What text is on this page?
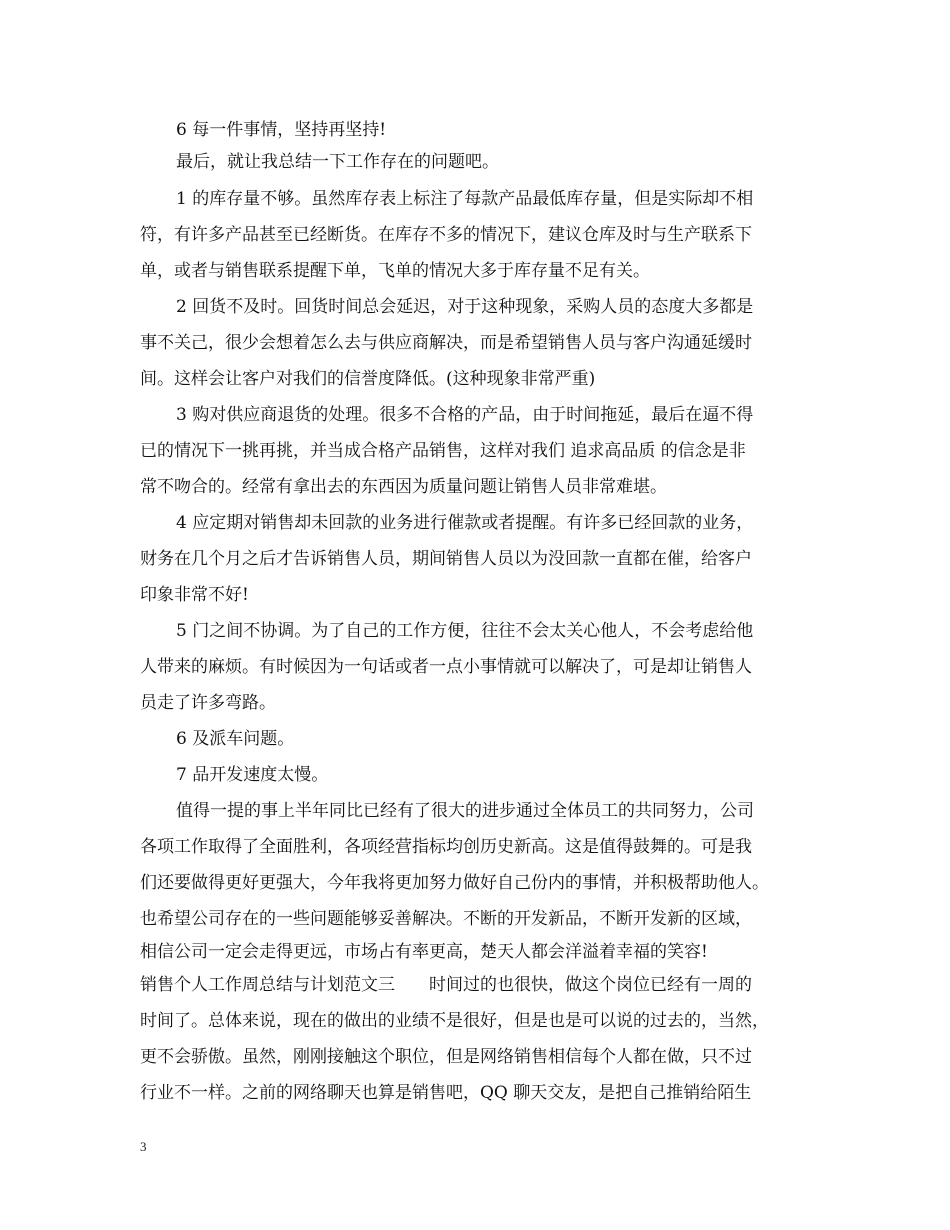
6 每一件事情，坚持再坚持!
最后，就让我总结一下工作存在的问题吧。
1 的库存量不够。虽然库存表上标注了每款产品最低库存量，但是实际却不相
符，有许多产品甚至已经断货。在库存不多的情况下，建议仓库及时与生产联系下
单，或者与销售联系提醒下单，飞单的情况大多于库存量不足有关。
2 回货不及时。回货时间总会延迟，对于这种现象，采购人员的态度大多都是
事不关己，很少会想着怎么去与供应商解决，而是希望销售人员与客户沟通延缓时
间。这样会让客户对我们的信誉度降低。(这种现象非常严重)
3 购对供应商退货的处理。很多不合格的产品，由于时间拖延，最后在逼不得
已的情况下一挑再挑，并当成合格产品销售，这样对我们 追求高品质 的信念是非
常不吻合的。经常有拿出去的东西因为质量问题让销售人员非常难堪。
4 应定期对销售却未回款的业务进行催款或者提醒。有许多已经回款的业务，
财务在几个月之后才告诉销售人员，期间销售人员以为没回款一直都在催，给客户
印象非常不好!
5 门之间不协调。为了自己的工作方便，往往不会太关心他人，不会考虑给他
人带来的麻烦。有时候因为一句话或者一点小事情就可以解决了，可是却让销售人
员走了许多弯路。
6 及派车问题。
7 品开发速度太慢。
值得一提的事上半年同比已经有了很大的进步通过全体员工的共同努力，公司
各项工作取得了全面胜利，各项经营指标均创历史新高。这是值得鼓舞的。可是我
们还要做得更好更强大，今年我将更加努力做好自己份内的事情，并积极帮助他人。
也希望公司存在的一些问题能够妥善解决。不断的开发新品，不断开发新的区域，
相信公司一定会走得更远，市场占有率更高，楚天人都会洋溢着幸福的笑容!
销售个人工作周总结与计划范文三　　时间过的也很快，做这个岗位已经有一周的
时间了。总体来说，现在的做出的业绩不是很好，但是也是可以说的过去的，当然，
更不会骄傲。虽然，刚刚接触这个职位，但是网络销售相信每个人都在做，只不过
行业不一样。之前的网络聊天也算是销售吧，QQ 聊天交友，是把自己推销给陌生
3
